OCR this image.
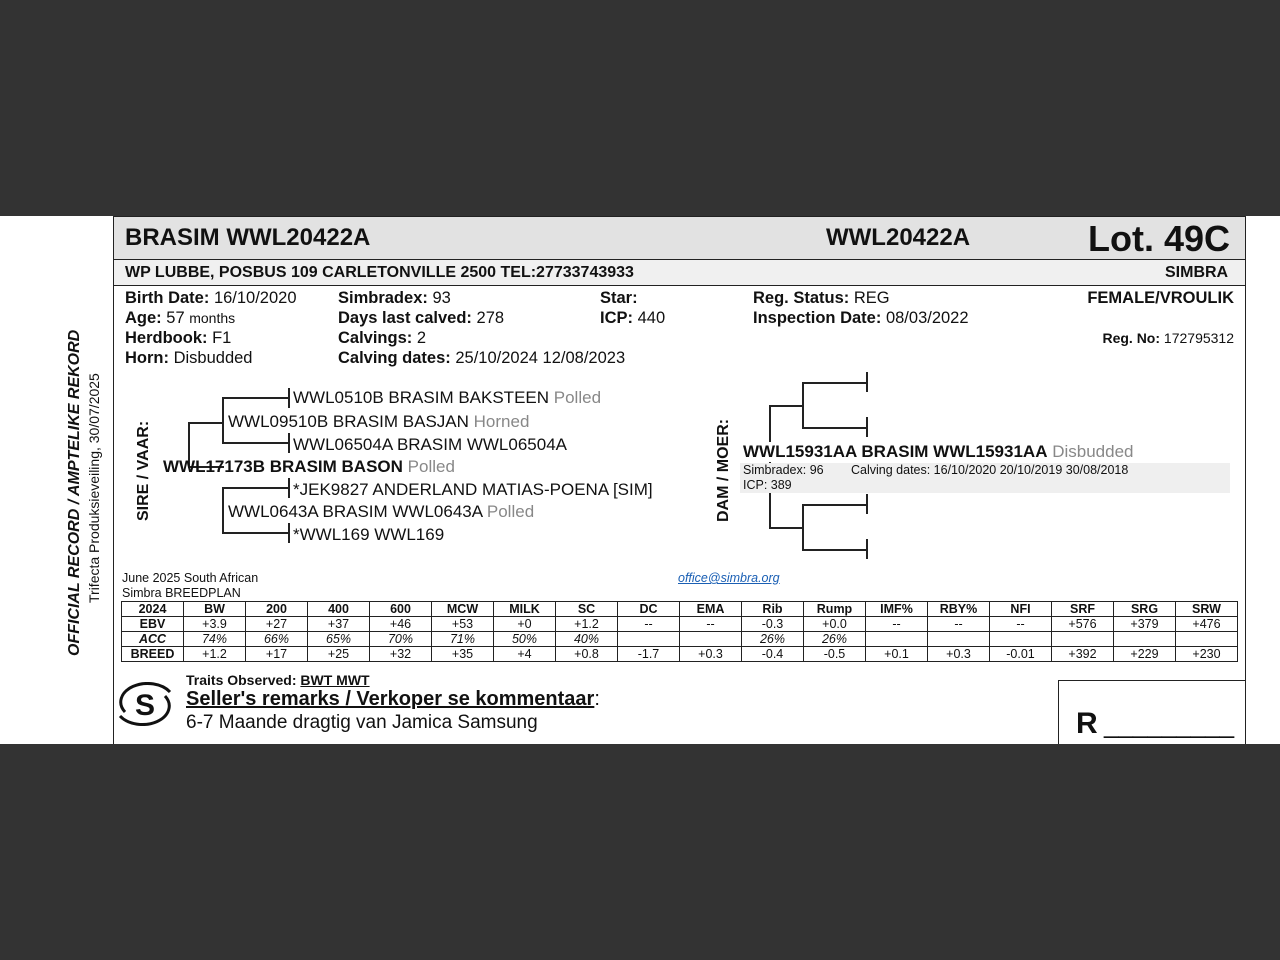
OFFICIAL RECORD / AMPTELIKE REKORD Trifecta Produksieveiling, 30/07/2025
BRASIM WWL20422A	WWL20422A	Lot. 49C
WP LUBBE, POSBUS 109 CARLETONVILLE 2500 TEL:27733743933	SIMBRA
Birth Date: 16/10/2020
Age: 57 months
Herdbook: F1
Horn: Disbudded
Simbradex: 93
Days last calved: 278
Calvings: 2
Calving dates: 25/10/2024 12/08/2023
Star:
ICP: 440
Reg. Status: REG
Inspection Date: 08/03/2022
FEMALE/VROULIK
Reg. No: 172795312
SIRE / VAAR:
WWL0510B BRASIM BAKSTEEN Polled
WWL09510B BRASIM BASJAN Horned
WWL06504A BRASIM WWL06504A
WWL17173B BRASIM BASON Polled
*JEK9827 ANDERLAND MATIAS-POENA [SIM]
WWL0643A BRASIM WWL0643A Polled
*WWL169 WWL169
DAM / MOER: WWL15931AA BRASIM WWL15931AA Disbudded
Simbradex: 96 Calving dates: 16/10/2020 20/10/2019 30/08/2018
ICP: 389
June 2025 South African
Simbra BREEDPLAN
office@simbra.org
2024	BW	200	400	600	MCW	MILK	SC	DC	EMA	Rib	Rump	IMF%	RBY%	NFI	SRF	SRG	SRW
EBV	+3.9	+27	+37	+46	+53	+0	+1.2	--	--	-0.3	+0.0	--	--	--	+576	+379	+476
ACC	74%	66%	65%	70%	71%	50%	40%			26%	26%						
BREED	+1.2	+17	+25	+32	+35	+4	+0.8	-1.7	+0.3	-0.4	-0.5	+0.1	+0.3	-0.01	+392	+229	+230
S
Traits Observed: BWT MWT
Seller's remarks / Verkoper se kommentaar:
6-7 Maande dragtig van Jamica Samsung	R _________
